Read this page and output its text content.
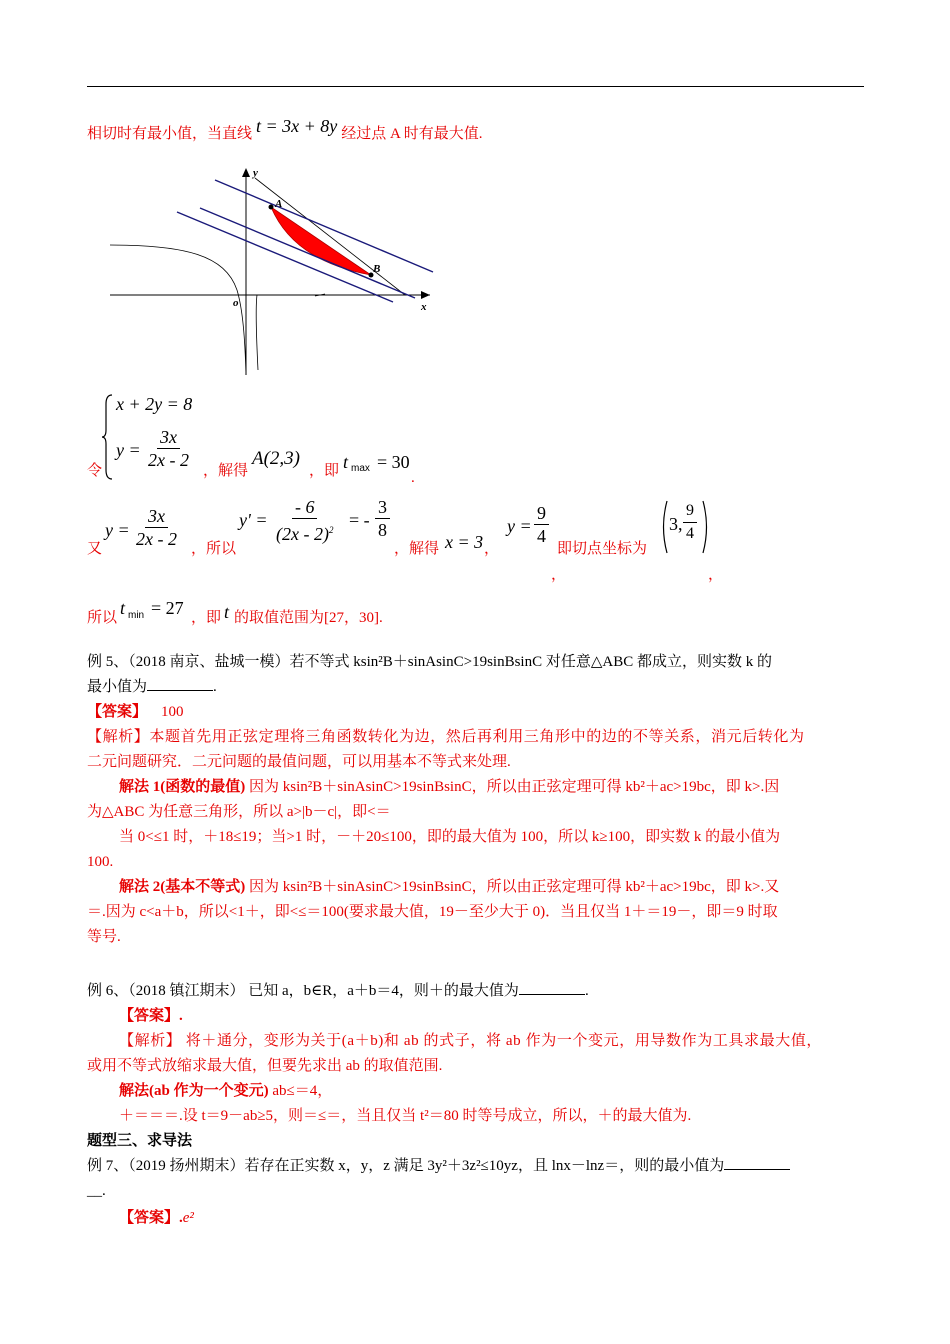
相切时有最小值，当直线 t = 3x + 8y 经过点 A 时有最大值.
y
x
o
A
B
令
x + 2y = 8
$y = \frac{3x}{2x - 2}$ ，解得
A(2,3)
，即 t max = 30
.
又
$y = \frac{3x}{2x - 2}$ ，所以
$y' = \frac{- 6}{(2x - 2)^2}$ = - $\frac{3}{8}$
，解得 x = 3 ，
$y = \frac{9}{4}$
即切点坐标为
3, $\frac{9}{4}$
，	，
所以 t min = 27 ，即 t 的取值范围为[27，30].
例 5、（2018 南京、盐城一模）若不等式 ksin²B＋sinAsinC>19sinBsinC 对任意△ABC 都成立，则实数 k 的
最小值为	.
【答案】 100
【解析】本题首先用正弦定理将三角函数转化为边，然后再利用三角形中的边的不等关系，消元后转化为
二元问题研究．二元问题的最值问题，可以用基本不等式来处理.
解法 1(函数的最值) 因为 ksin²B＋sinAsinC>19sinBsinC，所以由正弦定理可得 kb²＋ac>19bc，即 k>.因
为△ABC 为任意三角形，所以 a>|b－c|，即<＝
当 0<≤1 时，＋18≤19；当>1 时，－＋20≤100，即的最大值为 100，所以 k≥100，即实数 k 的最小值为
100.
解法 2(基本不等式) 因为 ksin²B＋sinAsinC>19sinBsinC，所以由正弦定理可得 kb²＋ac>19bc，即 k>.又
＝.因为 c<a＋b，所以<1＋，即<≤＝100(要求最大值，19－至少大于 0)．当且仅当 1＋＝19－，即＝9 时取
等号.
例 6、（2018 镇江期末） 已知 a，b∈R，a＋b＝4，则＋的最大值为	.
【答案】.
【解析】 将＋通分，变形为关于(a＋b)和 ab 的式子，将 ab 作为一个变元，用导数作为工具求最大值，
或用不等式放缩求最大值，但要先求出 ab 的取值范围.
解法(ab 作为一个变元) ab≤＝4，
＋＝＝＝.设 t＝9－ab≥5，则＝≤＝，当且仅当 t²＝80 时等号成立，所以，＋的最大值为.
题型三、求导法
例 7、（2019 扬州期末）若存在正实数 x，y，z 满足 3y²＋3z²≤10yz，且 lnx－lnz＝，则的最小值为
__.
【答案】.e²
